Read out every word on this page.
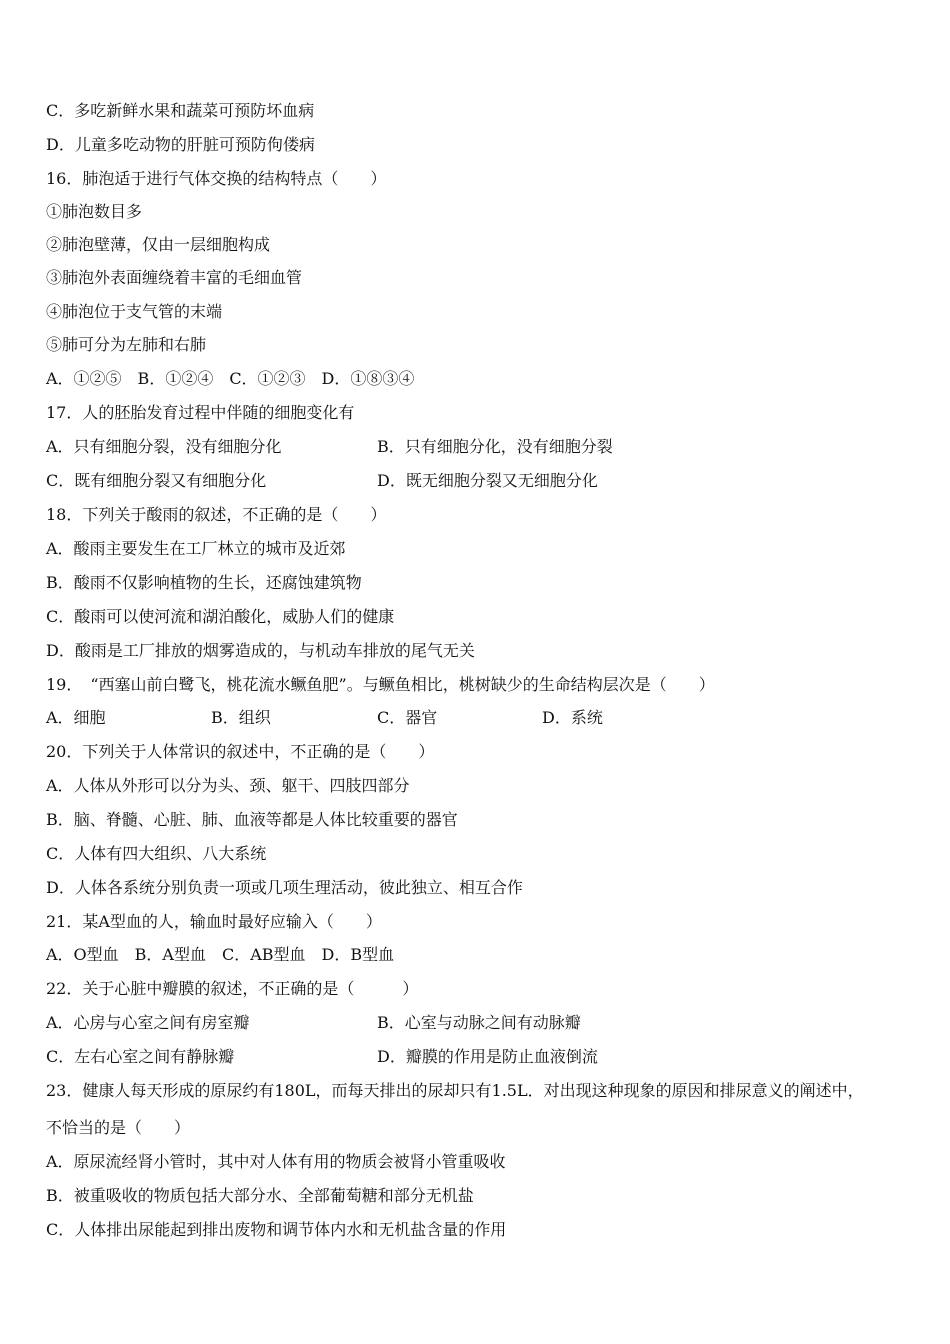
C．多吃新鲜水果和蔬菜可预防坏血病
D．儿童多吃动物的肝脏可预防佝偻病
16．肺泡适于进行气体交换的结构特点（　　）
①肺泡数目多
②肺泡壁薄，仅由一层细胞构成
③肺泡外表面缠绕着丰富的毛细血管
④肺泡位于支气管的末端
⑤肺可分为左肺和右肺
A．①②⑤　B．①②④　C．①②③　D．①⑧③④
17．人的胚胎发育过程中伴随的细胞变化有
A．只有细胞分裂，没有细胞分化	B．只有细胞分化，没有细胞分裂
C．既有细胞分裂又有细胞分化	D．既无细胞分裂又无细胞分化
18．下列关于酸雨的叙述，不正确的是（　　）
A．酸雨主要发生在工厂林立的城市及近郊
B．酸雨不仅影响植物的生长，还腐蚀建筑物
C．酸雨可以使河流和湖泊酸化，威胁人们的健康
D．酸雨是工厂排放的烟雾造成的，与机动车排放的尾气无关
19．　“西塞山前白鹭飞，桃花流水鳜鱼肥”。与鳜鱼相比，桃树缺少的生命结构层次是（　　）
A．细胞	B．组织	C．器官	D．系统
20．下列关于人体常识的叙述中，不正确的是（　　）
A．人体从外形可以分为头、颈、躯干、四肢四部分
B．脑、脊髓、心脏、肺、血液等都是人体比较重要的器官
C．人体有四大组织、八大系统
D．人体各系统分别负责一项或几项生理活动，彼此独立、相互合作
21．某A型血的人，输血时最好应输入（　　）
A．O型血　B．A型血　C．AB型血　D．B型血
22．关于心脏中瓣膜的叙述，不正确的是（　　　）
A．心房与心室之间有房室瓣	B．心室与动脉之间有动脉瓣
C．左右心室之间有静脉瓣	D．瓣膜的作用是防止血液倒流
23．健康人每天形成的原尿约有180L，而每天排出的尿却只有1.5L．对出现这种现象的原因和排尿意义的阐述中，
不恰当的是（　　）
A．原尿流经肾小管时，其中对人体有用的物质会被肾小管重吸收
B．被重吸收的物质包括大部分水、全部葡萄糖和部分无机盐
C．人体排出尿能起到排出废物和调节体内水和无机盐含量的作用
